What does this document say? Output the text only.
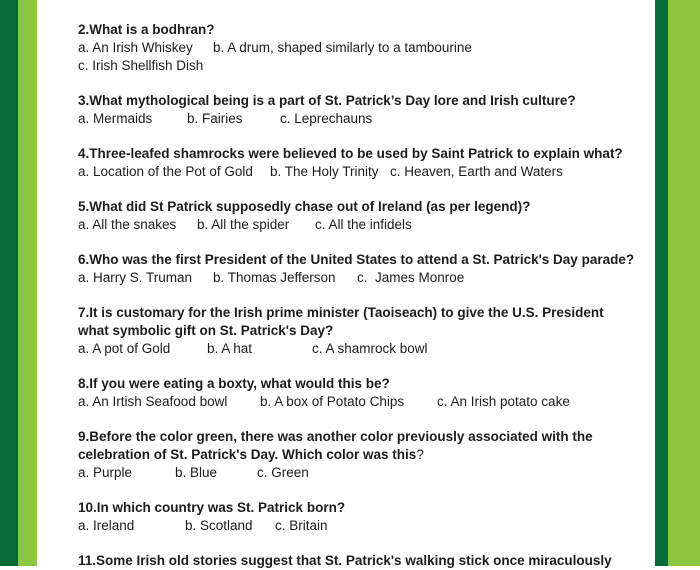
2.What is a bodhran?
a. An Irish Whiskey b. A drum, shaped similarly to a tambourine
c. Irish Shellfish Dish
3.What mythological being is a part of St. Patrick’s Day lore and Irish culture?
a. Mermaids	b. Fairies	c. Leprechauns
4.Three-leafed shamrocks were believed to be used by Saint Patrick to explain what?
a. Location of the Pot of Gold b. The Holy Trinity c. Heaven, Earth and Waters
5.What did St Patrick supposedly chase out of Ireland (as per legend)?
a. All the snakes b. All the spider c. All the infidels
6.Who was the first President of the United States to attend a St. Patrick's Day parade?
a. Harry S. Truman b. Thomas Jefferson c.  James Monroe
7.It is customary for the Irish prime minister (Taoiseach) to give the U.S. President
what symbolic gift on St. Patrick's Day?
a. A pot of Gold	b. A hat	c. A shamrock bowl
8.If you were eating a boxty, what would this be?
a. An Irtish Seafood bowl b. A box of Potato Chips c. An Irish potato cake
9.Before the color green, there was another color previously associated with the
celebration of St. Patrick's Day. Which color was this?
a. Purple	b. Blue	c. Green
10.In which country was St. Patrick born?
a. Ireland	b. Scotland c. Britain
11.Some Irish old stories suggest that St. Patrick's walking stick once miraculously
